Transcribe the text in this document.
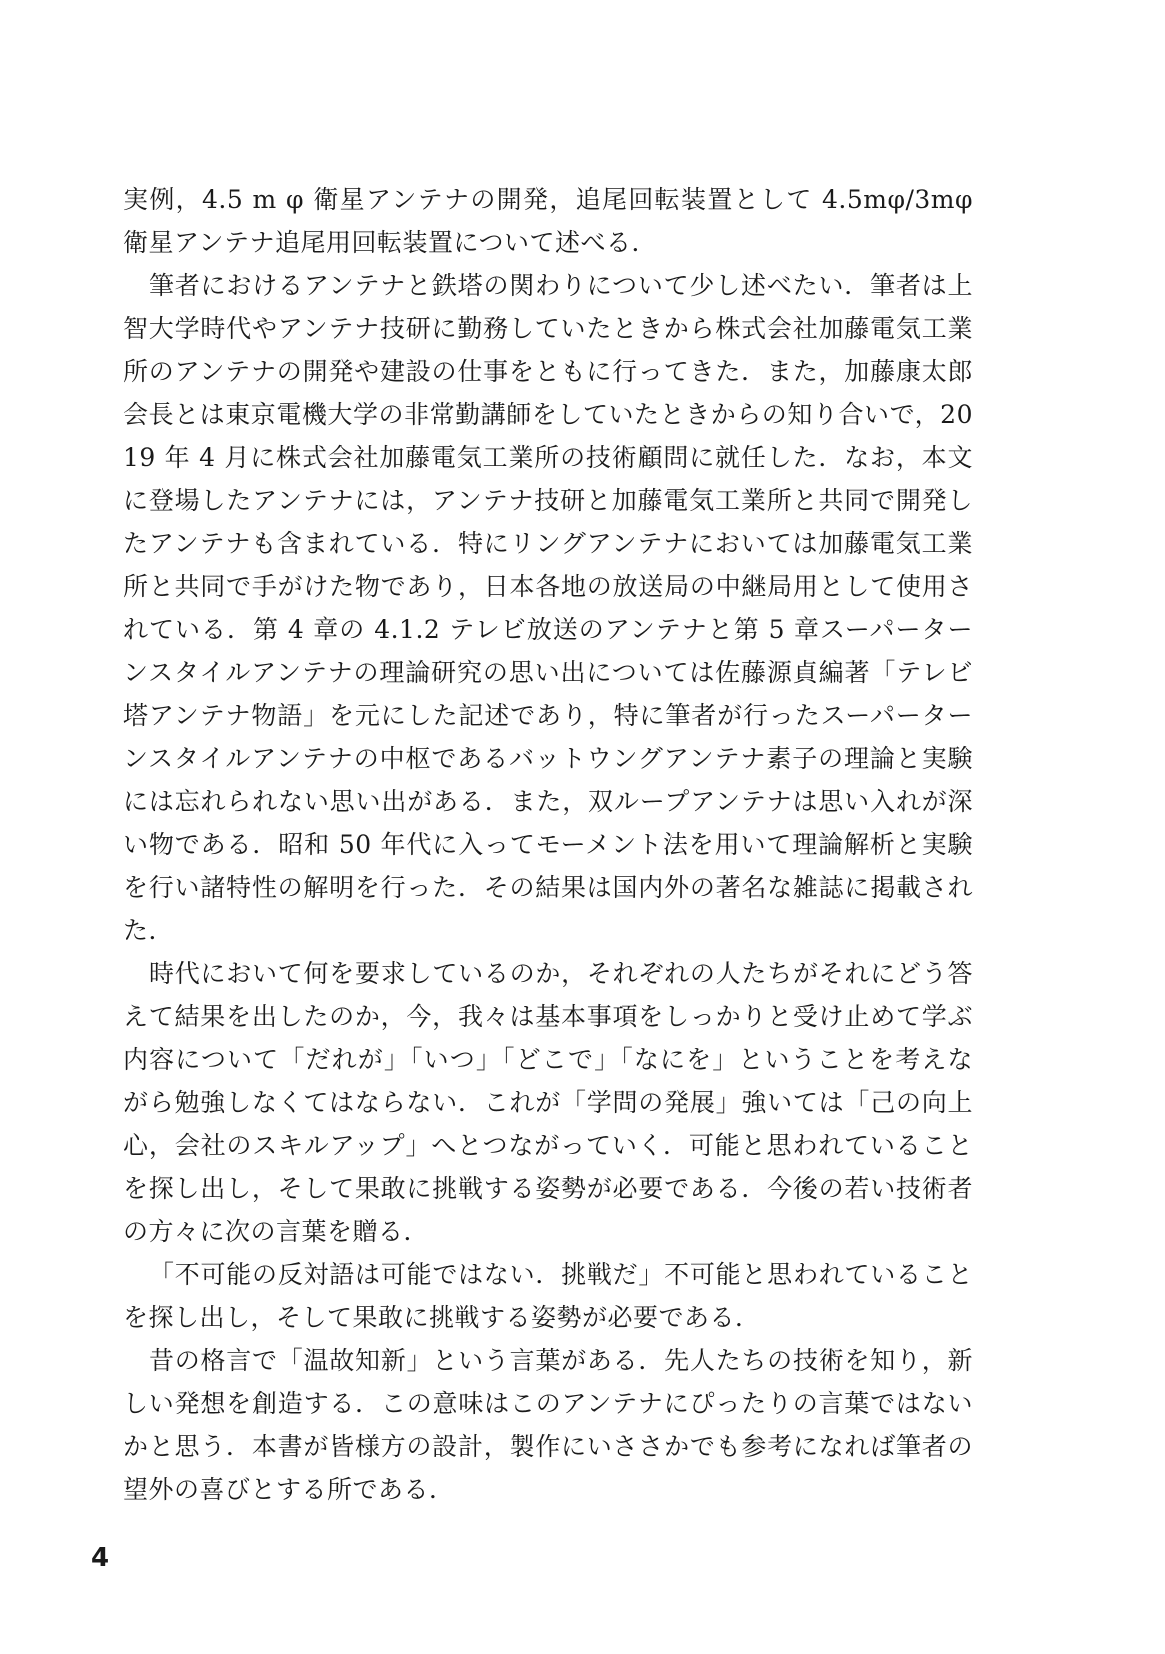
実例，4.5 m φ 衛星アンテナの開発，追尾回転装置として 4.5mφ/3mφ 衛星アンテナ追尾用回転装置について述べる．

筆者におけるアンテナと鉄塔の関わりについて少し述べたい．筆者は上智大学時代やアンテナ技研に勤務していたときから株式会社加藤電気工業所のアンテナの開発や建設の仕事をともに行ってきた．また，加藤康太郎会長とは東京電機大学の非常勤講師をしていたときからの知り合いで，2019 年 4 月に株式会社加藤電気工業所の技術顧問に就任した．なお，本文に登場したアンテナには，アンテナ技研と加藤電気工業所と共同で開発したアンテナも含まれている．特にリングアンテナにおいては加藤電気工業所と共同で手がけた物であり，日本各地の放送局の中継局用として使用されている．第 4 章の 4.1.2 テレビ放送のアンテナと第 5 章スーパーターンスタイルアンテナの理論研究の思い出については佐藤源貞編著「テレビ塔アンテナ物語」を元にした記述であり，特に筆者が行ったスーパーターンスタイルアンテナの中枢であるバットウングアンテナ素子の理論と実験には忘れられない思い出がある．また，双ループアンテナは思い入れが深い物である．昭和 50 年代に入ってモーメント法を用いて理論解析と実験を行い諸特性の解明を行った．その結果は国内外の著名な雑誌に掲載された．

時代において何を要求しているのか，それぞれの人たちがそれにどう答えて結果を出したのか，今，我々は基本事項をしっかりと受け止めて学ぶ内容について「だれが」「いつ」「どこで」「なにを」ということを考えながら勉強しなくてはならない．これが「学問の発展」強いては「己の向上心，会社のスキルアップ」へとつながっていく．可能と思われていることを探し出し，そして果敢に挑戦する姿勢が必要である．今後の若い技術者の方々に次の言葉を贈る．

「不可能の反対語は可能ではない．挑戦だ」不可能と思われていることを探し出し，そして果敢に挑戦する姿勢が必要である．

昔の格言で「温故知新」という言葉がある．先人たちの技術を知り，新しい発想を創造する．この意味はこのアンテナにぴったりの言葉ではないかと思う．本書が皆様方の設計，製作にいささかでも参考になれば筆者の望外の喜びとする所である．

4
